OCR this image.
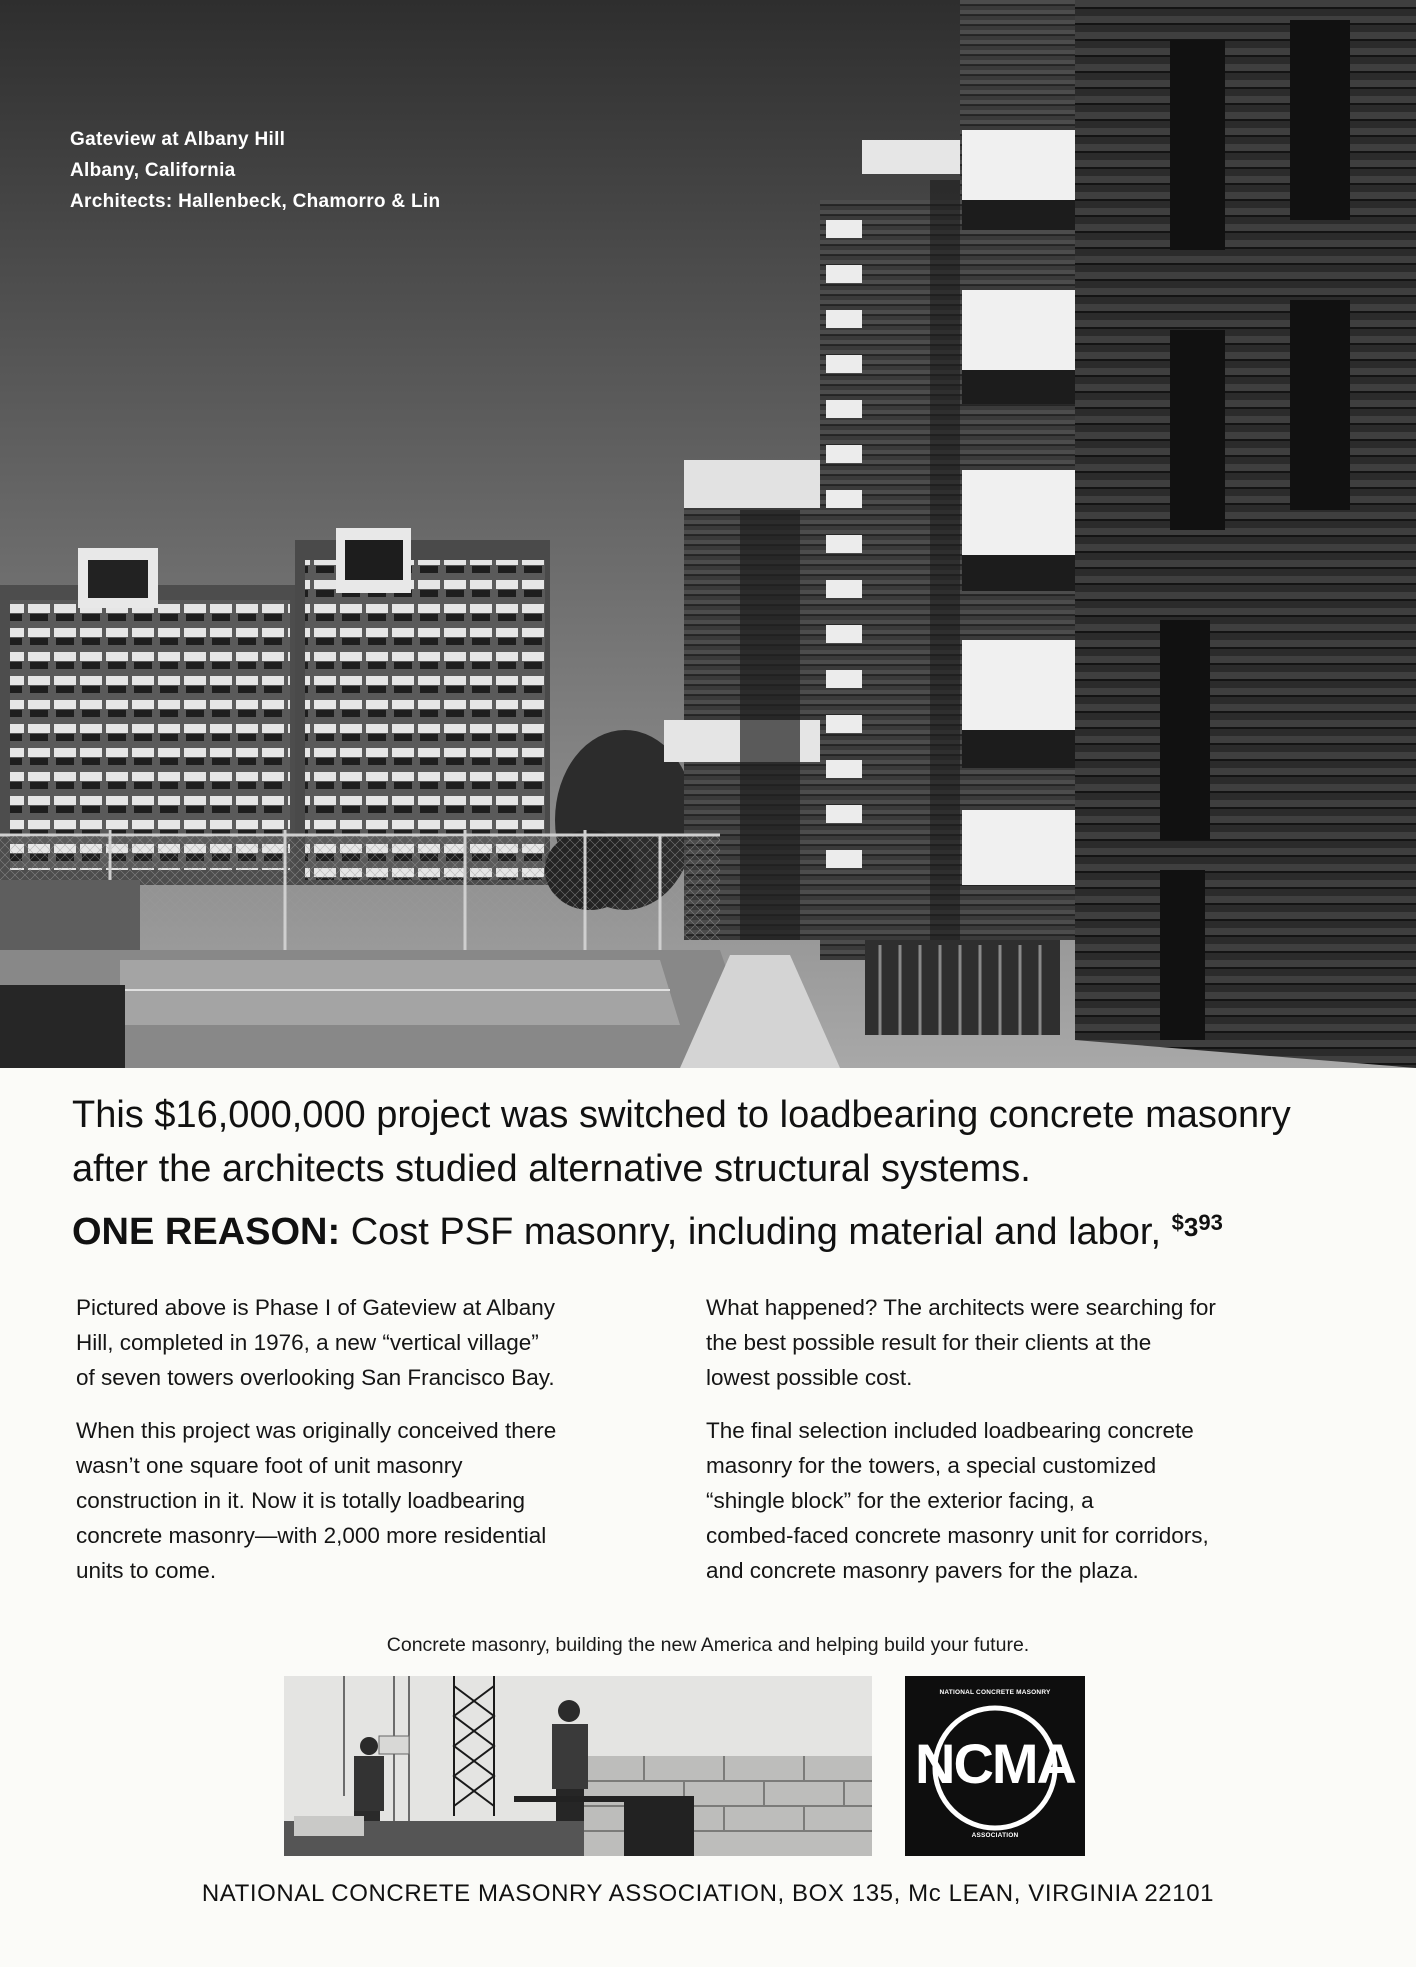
Gateview at Albany Hill
Albany, California
Architects: Hallenbeck, Chamorro & Lin
This $16,000,000 project was switched to loadbearing concrete masonry
after the architects studied alternative structural systems.
ONE REASON: Cost PSF masonry, including material and labor, $^{\$393}$

Pictured above is Phase I of Gateview at Albany
Hill, completed in 1976, a new “vertical village”
of seven towers overlooking San Francisco Bay.

When this project was originally conceived there
wasn’t one square foot of unit masonry
construction in it. Now it is totally loadbearing
concrete masonry—with 2,000 more residential
units to come.

What happened? The architects were searching for
the best possible result for their clients at the
lowest possible cost.

The final selection included loadbearing concrete
masonry for the towers, a special customized
“shingle block” for the exterior facing, a
combed-faced concrete masonry unit for corridors,
and concrete masonry pavers for the plaza.

Concrete masonry, building the new America and helping build your future.
NATIONAL CONCRETE MASONRY
NCMA
ASSOCIATION
NATIONAL CONCRETE MASONRY ASSOCIATION, BOX 135, Mc LEAN, VIRGINIA 22101
